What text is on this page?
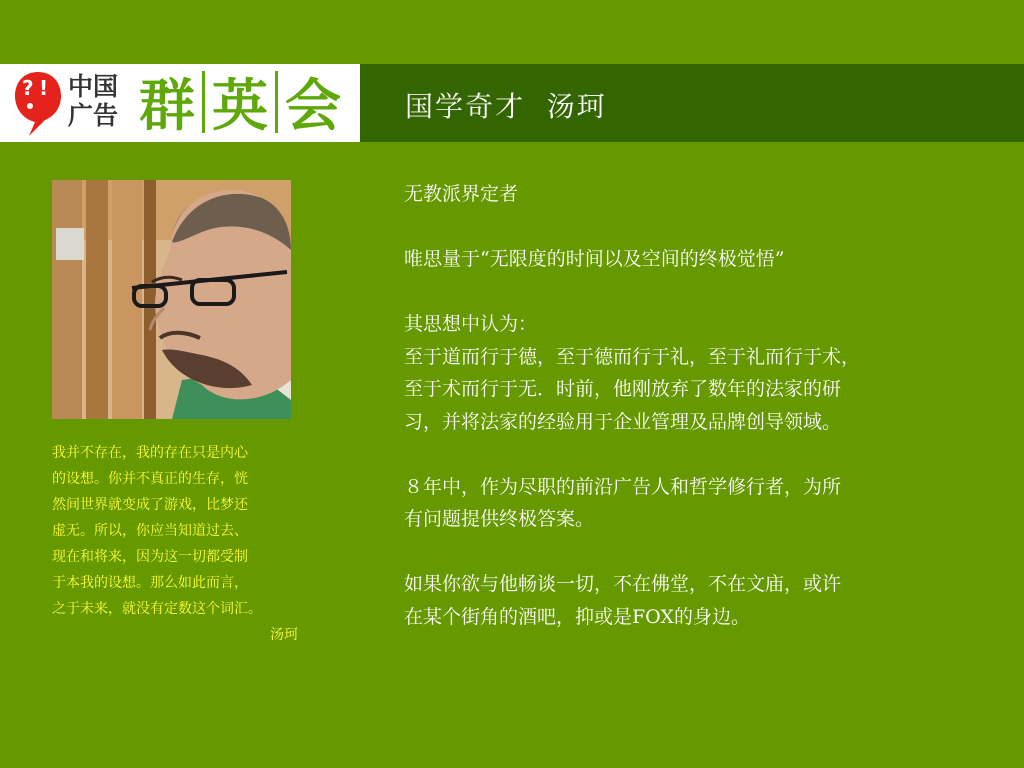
? ! 中国
广告 群 英 会 国学奇才  汤珂
我并不存在，我的存在只是内心
的设想。你并不真正的生存，恍
然间世界就变成了游戏，比梦还
虚无。所以，你应当知道过去、
现在和将来，因为这一切都受制
于本我的设想。那么如此而言，
之于未来，就没有定数这个词汇。
汤珂

无教派界定者

唯思量于“无限度的时间以及空间的终极觉悟”

其思想中认为：

至于道而行于德，至于德而行于礼，至于礼而行于术，

至于术而行于无．时前，他刚放弃了数年的法家的研

习，并将法家的经验用于企业管理及品牌创导领域。

８年中，作为尽职的前沿广告人和哲学修行者，为所

有问题提供终极答案。

如果你欲与他畅谈一切，不在佛堂，不在文庙，或许

在某个街角的酒吧，抑或是FOX的身边。
